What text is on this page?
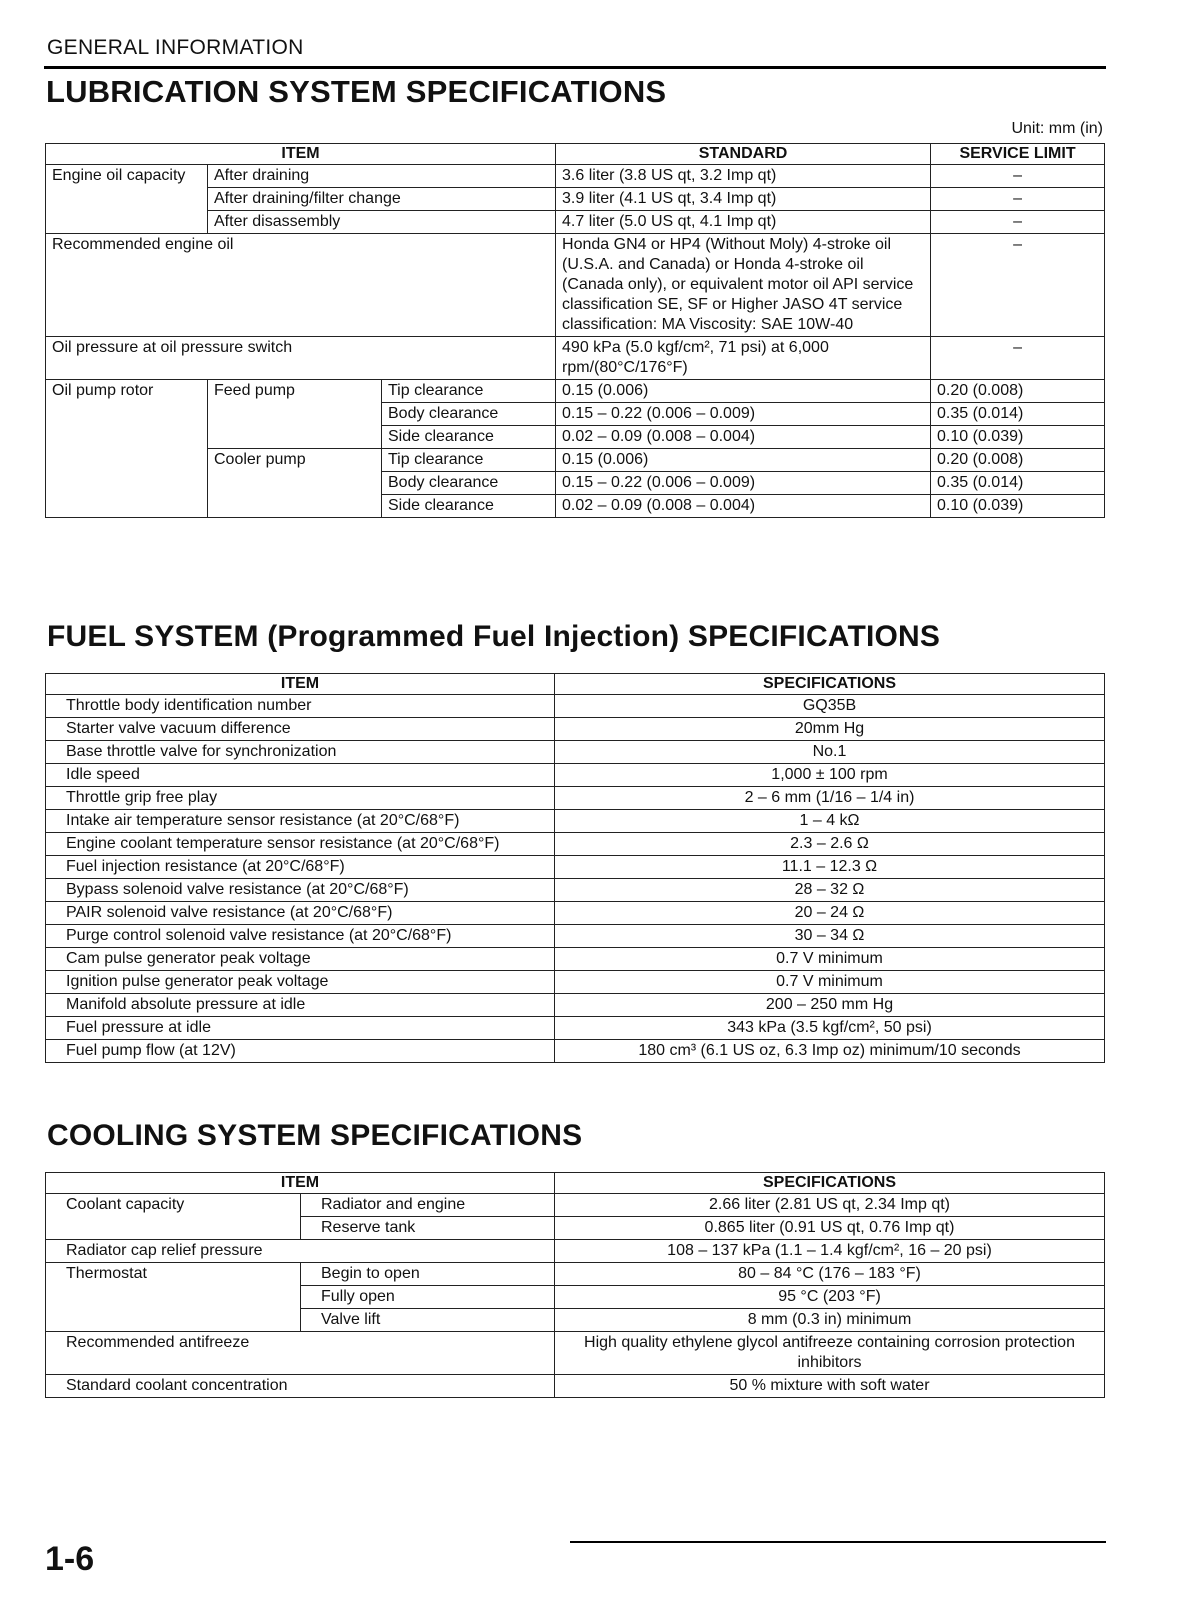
GENERAL INFORMATION
LUBRICATION SYSTEM SPECIFICATIONS
Unit: mm (in)
ITEM			STANDARD	SERVICE LIMIT
Engine oil capacity	After draining		3.6 liter (3.8 US qt, 3.2 Imp qt)	–
	After draining/filter change		3.9 liter (4.1 US qt, 3.4 Imp qt)	–
	After disassembly		4.7 liter (5.0 US qt, 4.1 Imp qt)	–
Recommended engine oil			Honda GN4 or HP4 (Without Moly) 4-stroke oil (U.S.A. and Canada) or Honda 4-stroke oil (Canada only), or equivalent motor oil API service classification SE, SF or Higher JASO 4T service classification: MA Viscosity: SAE 10W-40	–
Oil pressure at oil pressure switch			490 kPa (5.0 kgf/cm², 71 psi) at 6,000 rpm/(80°C/176°F)	–
Oil pump rotor	Feed pump	Tip clearance	0.15 (0.006)	0.20 (0.008)
		Body clearance	0.15 – 0.22 (0.006 – 0.009)	0.35 (0.014)
		Side clearance	0.02 – 0.09 (0.008 – 0.004)	0.10 (0.039)
	Cooler pump	Tip clearance	0.15 (0.006)	0.20 (0.008)
		Body clearance	0.15 – 0.22 (0.006 – 0.009)	0.35 (0.014)
		Side clearance	0.02 – 0.09 (0.008 – 0.004)	0.10 (0.039)
FUEL SYSTEM (Programmed Fuel Injection) SPECIFICATIONS
ITEM	SPECIFICATIONS
Throttle body identification number	GQ35B
Starter valve vacuum difference	20mm Hg
Base throttle valve for synchronization	No.1
Idle speed	1,000 ± 100 rpm
Throttle grip free play	2 – 6 mm (1/16 – 1/4 in)
Intake air temperature sensor resistance (at 20°C/68°F)	1 – 4 kΩ
Engine coolant temperature sensor resistance (at 20°C/68°F)	2.3 – 2.6 Ω
Fuel injection resistance (at 20°C/68°F)	11.1 – 12.3 Ω
Bypass solenoid valve resistance (at 20°C/68°F)	28 – 32 Ω
PAIR solenoid valve resistance (at 20°C/68°F)	20 – 24 Ω
Purge control solenoid valve resistance (at 20°C/68°F)	30 – 34 Ω
Cam pulse generator peak voltage	0.7 V minimum
Ignition pulse generator peak voltage	0.7 V minimum
Manifold absolute pressure at idle	200 – 250 mm Hg
Fuel pressure at idle	343 kPa (3.5 kgf/cm², 50 psi)
Fuel pump flow (at 12V)	180 cm³ (6.1 US oz, 6.3 Imp oz) minimum/10 seconds
COOLING SYSTEM SPECIFICATIONS
ITEM		SPECIFICATIONS
Coolant capacity	Radiator and engine	2.66 liter (2.81 US qt, 2.34 Imp qt)
	Reserve tank	0.865 liter (0.91 US qt, 0.76 Imp qt)
Radiator cap relief pressure		108 – 137 kPa (1.1 – 1.4 kgf/cm², 16 – 20 psi)
Thermostat	Begin to open	80 – 84 °C (176 – 183 °F)
	Fully open	95 °C (203 °F)
	Valve lift	8 mm (0.3 in) minimum
Recommended antifreeze		High quality ethylene glycol antifreeze containing corrosion protection inhibitors
Standard coolant concentration		50 % mixture with soft water
1-6
